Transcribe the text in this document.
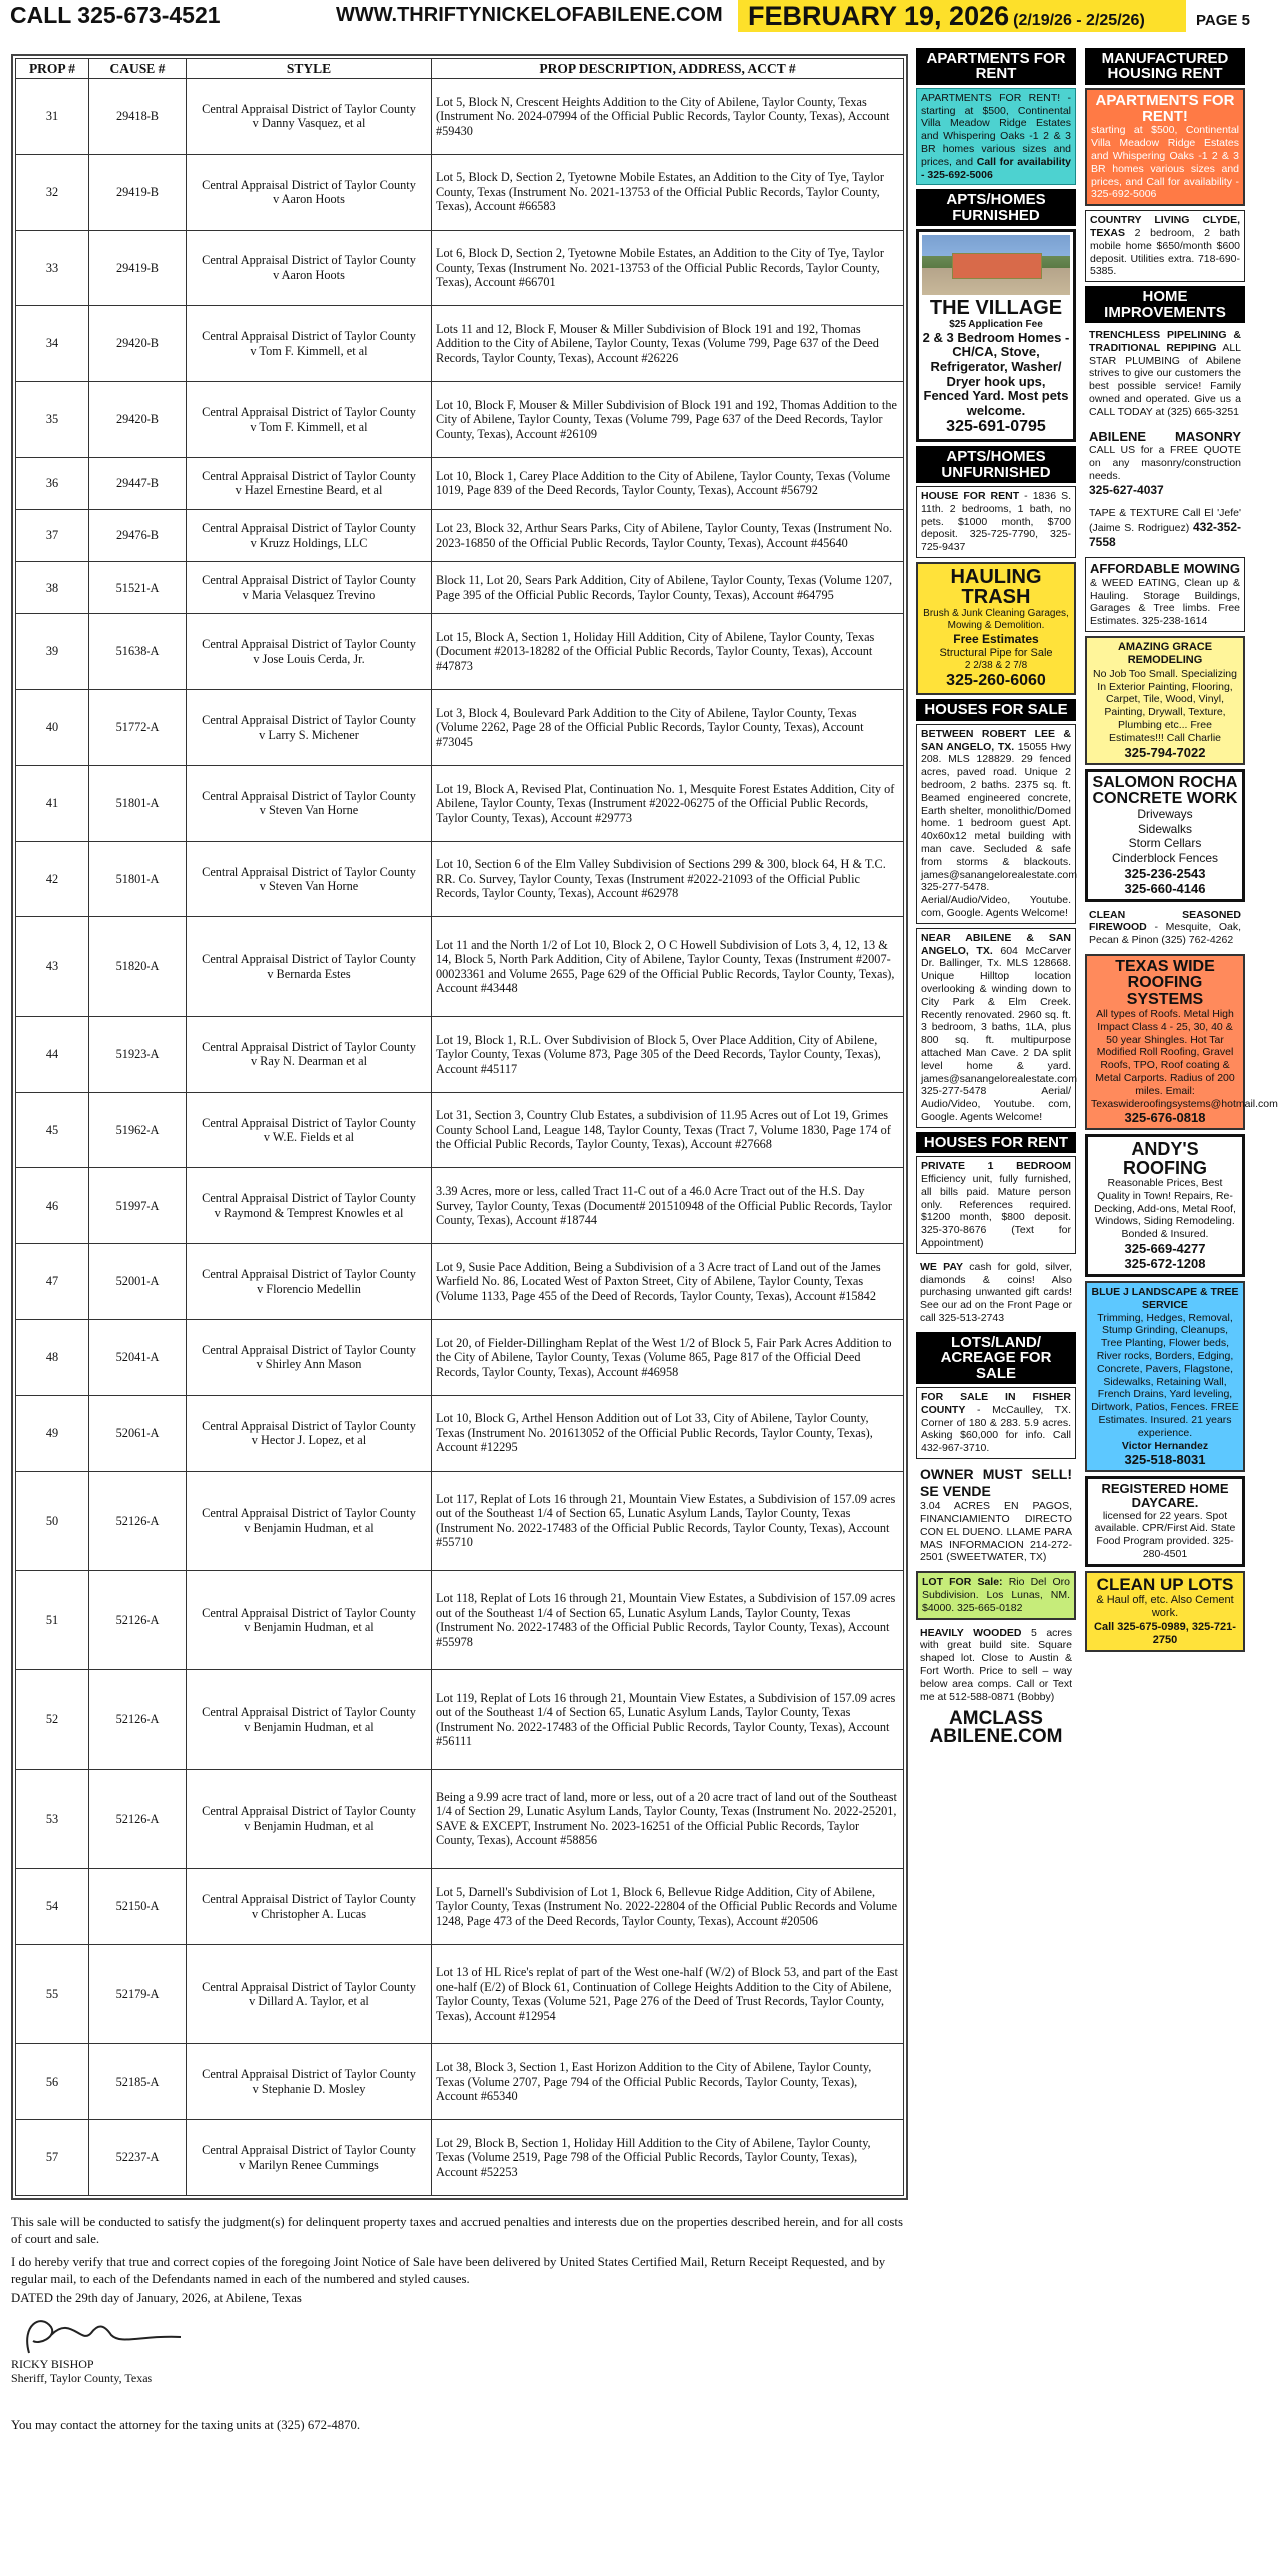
CALL 325-673-4521	WWW.THRIFTYNICKELOFABILENE.COM FEBRUARY 19, 2026 (2/19/26 - 2/25/26)	PAGE 5
PROP #	CAUSE #	STYLE	PROP DESCRIPTION, ADDRESS, ACCT #
31	29418-B	Central Appraisal District of Taylor County
v Danny Vasquez, et al	Lot 5, Block N, Crescent Heights Addition to the City of Abilene, Taylor County, Texas (Instrument No. 2024-07994 of the Official Public Records, Taylor County, Texas), Account #59430
32	29419-B	Central Appraisal District of Taylor County
v Aaron Hoots	Lot 5, Block D, Section 2, Tyetowne Mobile Estates, an Addition to the City of Tye, Taylor County, Texas (Instrument No. 2021-13753 of the Official Public Records, Taylor County, Texas), Account #66583
33	29419-B	Central Appraisal District of Taylor County
v Aaron Hoots	Lot 6, Block D, Section 2, Tyetowne Mobile Estates, an Addition to the City of Tye, Taylor County, Texas (Instrument No. 2021-13753 of the Official Public Records, Taylor County, Texas), Account #66701
34	29420-B	Central Appraisal District of Taylor County
v Tom F. Kimmell, et al	Lots 11 and 12, Block F, Mouser & Miller Subdivision of Block 191 and 192, Thomas Addition to the City of Abilene, Taylor County, Texas (Volume 799, Page 637 of the Deed Records, Taylor County, Texas), Account #26226
35	29420-B	Central Appraisal District of Taylor County
v Tom F. Kimmell, et al	Lot 10, Block F, Mouser & Miller Subdivision of Block 191 and 192, Thomas Addition to the City of Abilene, Taylor County, Texas (Volume 799, Page 637 of the Deed Records, Taylor County, Texas), Account #26109
36	29447-B	Central Appraisal District of Taylor County
v Hazel Ernestine Beard, et al	Lot 10, Block 1, Carey Place Addition to the City of Abilene, Taylor County, Texas (Volume 1019, Page 839 of the Deed Records, Taylor County, Texas), Account #56792
37	29476-B	Central Appraisal District of Taylor County
v Kruzz Holdings, LLC	Lot 23, Block 32, Arthur Sears Parks, City of Abilene, Taylor County, Texas (Instrument No. 2023-16850 of the Official Public Records, Taylor County, Texas), Account #45640
38	51521-A	Central Appraisal District of Taylor County
v Maria Velasquez Trevino	Block 11, Lot 20, Sears Park Addition, City of Abilene, Taylor County, Texas (Volume 1207, Page 395 of the Official Public Records, Taylor County, Texas), Account #64795
39	51638-A	Central Appraisal District of Taylor County
v Jose Louis Cerda, Jr.	Lot 15, Block A, Section 1, Holiday Hill Addition, City of Abilene, Taylor County, Texas (Document #2013-18282 of the Official Public Records, Taylor County, Texas), Account #47873
40	51772-A	Central Appraisal District of Taylor County
v Larry S. Michener	Lot 3, Block 4, Boulevard Park Addition to the City of Abilene, Taylor County, Texas (Volume 2262, Page 28 of the Official Public Records, Taylor County, Texas), Account #73045
41	51801-A	Central Appraisal District of Taylor County
v Steven Van Horne	Lot 19, Block A, Revised Plat, Continuation No. 1, Mesquite Forest Estates Addition, City of Abilene, Taylor County, Texas (Instrument #2022-06275 of the Official Public Records, Taylor County, Texas), Account #29773
42	51801-A	Central Appraisal District of Taylor County
v Steven Van Horne	Lot 10, Section 6 of the Elm Valley Subdivision of Sections 299 & 300, block 64, H & T.C. RR. Co. Survey, Taylor County, Texas (Instrument #2022-21093 of the Official Public Records, Taylor County, Texas), Account #62978
43	51820-A	Central Appraisal District of Taylor County
v Bernarda Estes	Lot 11 and the North 1/2 of Lot 10, Block 2, O C Howell Subdivision of Lots 3, 4, 12, 13 & 14, Block 5, North Park Addition, City of Abilene, Taylor County, Texas (Instrument #2007-00023361 and Volume 2655, Page 629 of the Official Public Records, Taylor County, Texas), Account #43448
44	51923-A	Central Appraisal District of Taylor County
v Ray N. Dearman et al	Lot 19, Block 1, R.L. Over Subdivision of Block 5, Over Place Addition, City of Abilene, Taylor County, Texas (Volume 873, Page 305 of the Deed Records, Taylor County, Texas), Account #45117
45	51962-A	Central Appraisal District of Taylor County
v W.E. Fields et al	Lot 31, Section 3, Country Club Estates, a subdivision of 11.95 Acres out of Lot 19, Grimes County School Land, League 148, Taylor County, Texas (Tract 7, Volume 1830, Page 174 of the Official Public Records, Taylor County, Texas), Account #27668
46	51997-A	Central Appraisal District of Taylor County
v Raymond & Temprest Knowles et al	3.39 Acres, more or less, called Tract 11-C out of a 46.0 Acre Tract out of the H.S. Day Survey, Taylor County, Texas (Document# 201510948 of the Official Public Records, Taylor County, Texas), Account #18744
47	52001-A	Central Appraisal District of Taylor County
v Florencio Medellin	Lot 9, Susie Pace Addition, Being a Subdivision of a 3 Acre tract of Land out of the James Warfield No. 86, Located West of Paxton Street, City of Abilene, Taylor County, Texas (Volume 1133, Page 455 of the Deed of Records, Taylor County, Texas), Account #15842
48	52041-A	Central Appraisal District of Taylor County
v Shirley Ann Mason	Lot 20, of Fielder-Dillingham Replat of the West 1/2 of Block 5, Fair Park Acres Addition to the City of Abilene, Taylor County, Texas (Volume 865, Page 817 of the Official Deed Records, Taylor County, Texas), Account #46958
49	52061-A	Central Appraisal District of Taylor County
v Hector J. Lopez, et al	Lot 10, Block G, Arthel Henson Addition out of Lot 33, City of Abilene, Taylor County, Texas (Instrument No. 201613052 of the Official Public Records, Taylor County, Texas), Account #12295
50	52126-A	Central Appraisal District of Taylor County
v Benjamin Hudman, et al	Lot 117, Replat of Lots 16 through 21, Mountain View Estates, a Subdivision of 157.09 acres out of the Southeast 1/4 of Section 65, Lunatic Asylum Lands, Taylor County, Texas (Instrument No. 2022-17483 of the Official Public Records, Taylor County, Texas), Account #55710
51	52126-A	Central Appraisal District of Taylor County
v Benjamin Hudman, et al	Lot 118, Replat of Lots 16 through 21, Mountain View Estates, a Subdivision of 157.09 acres out of the Southeast 1/4 of Section 65, Lunatic Asylum Lands, Taylor County, Texas (Instrument No. 2022-17483 of the Official Public Records, Taylor County, Texas), Account #55978
52	52126-A	Central Appraisal District of Taylor County
v Benjamin Hudman, et al	Lot 119, Replat of Lots 16 through 21, Mountain View Estates, a Subdivision of 157.09 acres out of the Southeast 1/4 of Section 65, Lunatic Asylum Lands, Taylor County, Texas (Instrument No. 2022-17483 of the Official Public Records, Taylor County, Texas), Account #56111
53	52126-A	Central Appraisal District of Taylor County
v Benjamin Hudman, et al	Being a 9.99 acre tract of land, more or less, out of a 20 acre tract of land out of the Southeast 1/4 of Section 29, Lunatic Asylum Lands, Taylor County, Texas (Instrument No. 2022-25201, SAVE & EXCEPT, Instrument No. 2023-16251 of the Official Public Records, Taylor County, Texas), Account #58856
54	52150-A	Central Appraisal District of Taylor County
v Christopher A. Lucas	Lot 5, Darnell's Subdivision of Lot 1, Block 6, Bellevue Ridge Addition, City of Abilene, Taylor County, Texas (Instrument No. 2022-22804 of the Official Public Records and Volume 1248, Page 473 of the Deed Records, Taylor County, Texas), Account #20506
55	52179-A	Central Appraisal District of Taylor County
v Dillard A. Taylor, et al	Lot 13 of HL Rice's replat of part of the West one-half (W/2) of Block 53, and part of the East one-half (E/2) of Block 61, Continuation of College Heights Addition to the City of Abilene, Taylor County, Texas (Volume 521, Page 276 of the Deed of Trust Records, Taylor County, Texas), Account #12954
56	52185-A	Central Appraisal District of Taylor County
v Stephanie D. Mosley	Lot 38, Block 3, Section 1, East Horizon Addition to the City of Abilene, Taylor County, Texas (Volume 2707, Page 794 of the Official Public Records, Taylor County, Texas), Account #65340
57	52237-A	Central Appraisal District of Taylor County
v Marilyn Renee Cummings	Lot 29, Block B, Section 1, Holiday Hill Addition to the City of Abilene, Taylor County, Texas (Volume 2519, Page 798 of the Official Public Records, Taylor County, Texas), Account #52253
This sale will be conducted to satisfy the judgment(s) for delinquent property taxes and accrued penalties and interests due on the properties described herein, and for all costs of court and sale.
I do hereby verify that true and correct copies of the foregoing Joint Notice of Sale have been delivered by United States Certified Mail, Return Receipt Requested, and by regular mail, to each of the Defendants named in each of the numbered and styled causes.
DATED the 29th day of January, 2026, at Abilene, Texas
RICKY BISHOP
Sheriff, Taylor County, Texas
You may contact the attorney for the taxing units at (325) 672-4870.
APARTMENTS FOR RENT
APARTMENTS FOR RENT! - starting at $500, Continental Villa Meadow Ridge Estates and Whispering Oaks -1 2 & 3 BR homes various sizes and prices, and Call for availability - 325-692-5006
APTS/HOMES FURNISHED
THE VILLAGE
$25 Application Fee
2 & 3 Bedroom Homes - CH/CA, Stove, Refrigerator, Washer/ Dryer hook ups, Fenced Yard. Most pets welcome.
325-691-0795
APTS/HOMES UNFURNISHED
HOUSE FOR RENT - 1836 S. 11th. 2 bedrooms, 1 bath, no pets. $1000 month, $700 deposit. 325-725-7790, 325-725-9437
HAULING TRASH
Brush & Junk Cleaning Garages, Mowing & Demolition.
Free Estimates
Structural Pipe for Sale
2 2/38 & 2 7/8
325-260-6060
HOUSES FOR SALE
BETWEEN ROBERT LEE & SAN ANGELO, TX. 15055 Hwy 208. MLS 128829. 29 fenced acres, paved road. Unique 2 bedroom, 2 baths. 2375 sq. ft. Beamed engineered concrete, Earth shelter, monolithic/Domed home. 1 bedroom guest Apt. 40x60x12 metal building with man cave. Secluded & safe from storms & blackouts. james@sanangelorealestate.com 325-277-5478. Aerial/Audio/Video, Youtube. com, Google. Agents Welcome!
NEAR ABILENE & SAN ANGELO, TX. 604 McCarver Dr. Ballinger, Tx. MLS 128668. Unique Hilltop location overlooking & winding down to City Park & Elm Creek. Recently renovated. 2960 sq. ft. 3 bedroom, 3 baths, 1LA, plus 800 sq. ft. multipurpose attached Man Cave. 2 DA split level home & yard. james@sanangelorealestate.com 325-277-5478 Aerial/ Audio/Video, Youtube. com, Google. Agents Welcome!
HOUSES FOR RENT
PRIVATE 1 BEDROOM Efficiency unit, fully furnished, all bills paid. Mature person only. References required. $1200 month, $800 deposit. 325-370-8676 (Text for Appointment)
WE PAY cash for gold, silver, diamonds & coins! Also purchasing unwanted gift cards! See our ad on the Front Page or call 325-513-2743
LOTS/LAND/ ACREAGE FOR SALE
FOR SALE IN FISHER COUNTY - McCaulley, TX. Corner of 180 & 283. 5.9 acres. Asking $60,000 for info. Call 432-967-3710.
OWNER MUST SELL! SE VENDE
3.04 ACRES EN PAGOS, FINANCIAMIENTO DIRECTO CON EL DUENO. LLAME PARA MAS INFORMACION 214-272-2501 (SWEETWATER, TX)
LOT FOR Sale: Rio Del Oro Subdivision. Los Lunas, NM. $4000. 325-665-0182
HEAVILY WOODED 5 acres with great build site. Square shaped lot. Close to Austin & Fort Worth. Price to sell – way below area comps. Call or Text me at 512-588-0871 (Bobby)
AMCLASS ABILENE.COM
MANUFACTURED HOUSING RENT
APARTMENTS FOR RENT!
starting at $500, Continental Villa Meadow Ridge Estates and Whispering Oaks -1 2 & 3 BR homes various sizes and prices, and Call for availability - 325-692-5006
COUNTRY LIVING CLYDE, TEXAS 2 bedroom, 2 bath mobile home $650/month $600 deposit. Utilities extra. 718-690-5385.
HOME IMPROVEMENTS
TRENCHLESS PIPELINING & TRADITIONAL REPIPING ALL STAR PLUMBING of Abilene strives to give our customers the best possible service! Family owned and operated. Give us a CALL TODAY at (325) 665-3251
ABILENE MASONRY CALL US for a FREE QUOTE on any masonry/construction needs.
325-627-4037
TAPE & TEXTURE Call El 'Jefe' (Jaime S. Rodriguez) 432-352-7558
AFFORDABLE MOWING & WEED EATING, Clean up & Hauling. Storage Buildings, Garages & Tree limbs. Free Estimates. 325-238-1614
AMAZING GRACE REMODELING
No Job Too Small. Specializing In Exterior Painting, Flooring, Carpet, Tile, Wood, Vinyl, Painting, Drywall, Texture, Plumbing etc... Free Estimates!!! Call Charlie
325-794-7022
SALOMON ROCHA CONCRETE WORK
Driveways
Sidewalks
Storm Cellars
Cinderblock Fences
325-236-2543
325-660-4146
CLEAN SEASONED FIREWOOD - Mesquite, Oak, Pecan & Pinon (325) 762-4262
TEXAS WIDE ROOFING SYSTEMS
All types of Roofs. Metal High Impact Class 4 - 25, 30, 40 & 50 year Shingles. Hot Tar Modified Roll Roofing, Gravel Roofs, TPO, Roof coating & Metal Carports. Radius of 200 miles. Email: Texaswideroofingsystems@hotmail.com
325-676-0818
ANDY'S ROOFING
Reasonable Prices, Best Quality in Town! Repairs, Re-Decking, Add-ons, Metal Roof, Windows, Siding Remodeling. Bonded & Insured.
325-669-4277
325-672-1208
BLUE J LANDSCAPE & TREE SERVICE
Trimming, Hedges, Removal, Stump Grinding, Cleanups, Tree Planting, Flower beds, River rocks, Borders, Edging, Concrete, Pavers, Flagstone, Sidewalks, Retaining Wall, French Drains, Yard leveling, Dirtwork, Patios, Fences. FREE Estimates. Insured. 21 years experience.
Victor Hernandez
325-518-8031
REGISTERED HOME DAYCARE.
licensed for 22 years. Spot available. CPR/First Aid. State Food Program provided. 325-280-4501
CLEAN UP LOTS
& Haul off, etc. Also Cement work.
Call 325-675-0989, 325-721-2750
